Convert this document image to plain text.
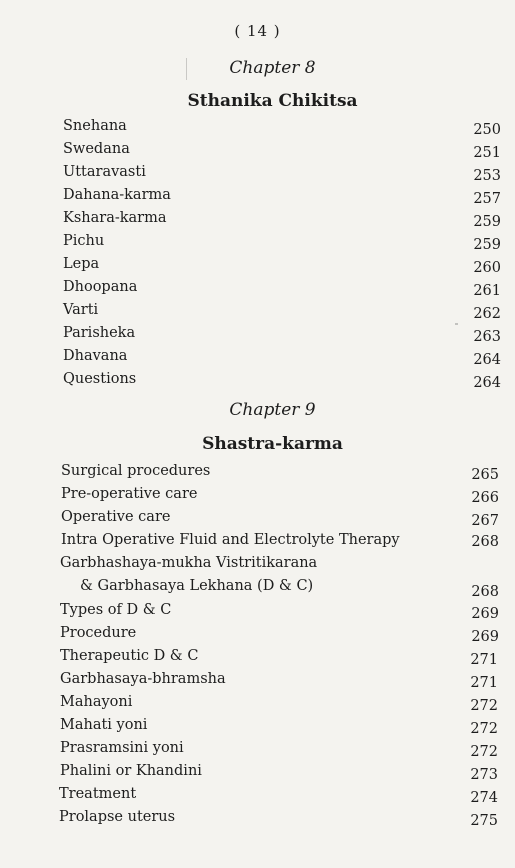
( 14 )
Chapter 8
Sthanika Chikitsa
Snehana	250
Swedana	251
Uttaravasti	253
Dahana-karma	257
Kshara-karma	259
Pichu	259
Lepa	260
Dhoopana	261
Varti	262
Parisheka	263
Dhavana	264
Questions	264
Chapter 9
Shastra-karma
Surgical procedures	265
Pre-operative care	266
Operative care	267
Intra Operative Fluid and Electrolyte Therapy	268
Garbhashaya-mukha Vistritikarana
& Garbhasaya Lekhana (D & C)	268
Types of D & C	269
Procedure	269
Therapeutic D & C	271
Garbhasaya-bhramsha	271
Mahayoni	272
Mahati yoni	272
Prasramsini yoni	272
Phalini or Khandini	273
Treatment	274
Prolapse uterus	275
